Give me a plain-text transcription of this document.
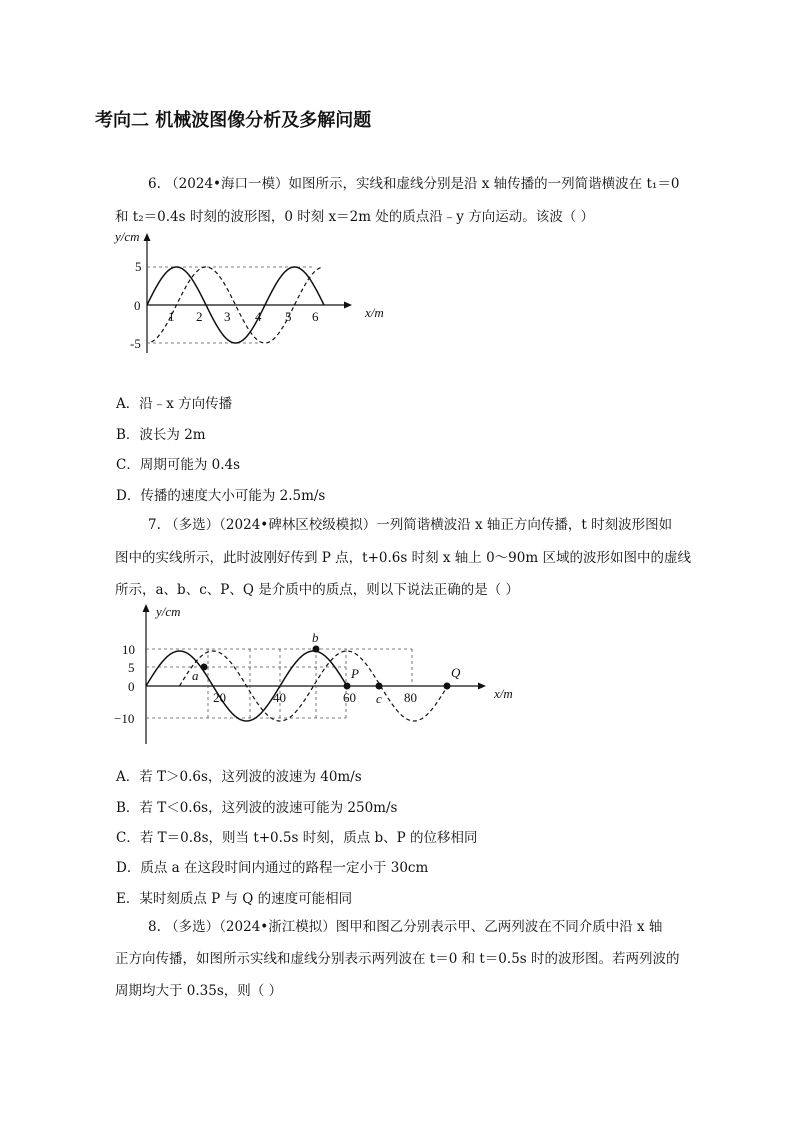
考向二 机械波图像分析及多解问题
6. （2024•海口一模）如图所示，实线和虚线分别是沿 x 轴传播的一列简谐横波在 t₁＝0
和 t₂＝0.4s 时刻的波形图，0 时刻 x＝2m 处的质点沿﹣y 方向运动。该波（ ）
y/cm
x/m
0
5
-5
1 2 3 4 5 6
A．沿﹣x 方向传播
B．波长为 2m
C．周期可能为 0.4s
D．传播的速度大小可能为 2.5m/s
7. （多选）（2024•碑林区校级模拟）一列简谐横波沿 x 轴正方向传播，t 时刻波形图如
图中的实线所示，此时波刚好传到 P 点，t+0.6s 时刻 x 轴上 0～90m 区域的波形如图中的虚线
所示，a、b、c、P、Q 是介质中的质点，则以下说法正确的是（ ）
y/cm
x/m
10
5
0
−10
20	40	60	80
a
b
P
c
Q
A．若 T＞0.6s，这列波的波速为 40m/s
B．若 T＜0.6s，这列波的波速可能为 250m/s
C．若 T＝0.8s，则当 t+0.5s 时刻，质点 b、P 的位移相同
D．质点 a 在这段时间内通过的路程一定小于 30cm
E．某时刻质点 P 与 Q 的速度可能相同
8. （多选）（2024•浙江模拟）图甲和图乙分别表示甲、乙两列波在不同介质中沿 x 轴
正方向传播，如图所示实线和虚线分别表示两列波在 t＝0 和 t＝0.5s 时的波形图。若两列波的
周期均大于 0.35s，则（ ）
